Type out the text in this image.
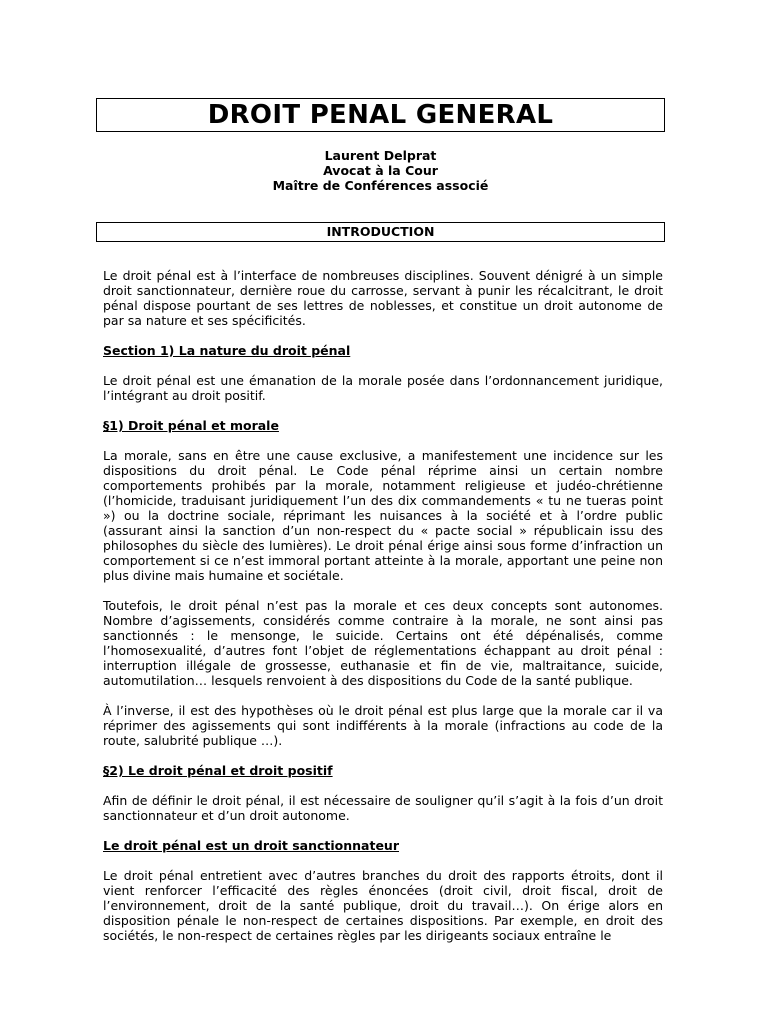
DROIT PENAL GENERAL
Laurent Delprat
Avocat à la Cour
Maître de Conférences associé
INTRODUCTION

Le droit pénal est à l’interface de nombreuses disciplines. Souvent dénigré à un simple droit sanctionnateur, dernière roue du carrosse, servant à punir les récalcitrant, le droit pénal dispose pourtant de ses lettres de noblesses, et constitue un droit autonome de par sa nature et ses spécificités.

Section 1) La nature du droit pénal

Le droit pénal est une émanation de la morale posée dans l’ordonnancement juridique, l’intégrant au droit positif.

§1) Droit pénal et morale

La morale, sans en être une cause exclusive, a manifestement une incidence sur les dispositions du droit pénal. Le Code pénal réprime ainsi un certain nombre comportements prohibés par la morale, notamment religieuse et judéo-chrétienne (l’homicide, traduisant juridiquement l’un des dix commandements « tu ne tueras point ») ou la doctrine sociale, réprimant les nuisances à la société et à l’ordre public (assurant ainsi la sanction d’un non-respect du « pacte social » républicain issu des philosophes du siècle des lumières). Le droit pénal érige ainsi sous forme d’infraction un comportement si ce n’est immoral portant atteinte à la morale, apportant une peine non plus divine mais humaine et sociétale.

Toutefois, le droit pénal n’est pas la morale et ces deux concepts sont autonomes. Nombre d’agissements, considérés comme contraire à la morale, ne sont ainsi pas sanctionnés : le mensonge, le suicide. Certains ont été dépénalisés, comme l’homosexualité, d’autres font l’objet de réglementations échappant au droit pénal : interruption illégale de grossesse, euthanasie et fin de vie, maltraitance, suicide, automutilation… lesquels renvoient à des dispositions du Code de la santé publique.

À l’inverse, il est des hypothèses où le droit pénal est plus large que la morale car il va réprimer des agissements qui sont indifférents à la morale (infractions au code de la route, salubrité publique …).

§2) Le droit pénal et droit positif

Afin de définir le droit pénal, il est nécessaire de souligner qu’il s’agit à la fois d’un droit sanctionnateur et d’un droit autonome.

Le droit pénal est un droit sanctionnateur

Le droit pénal entretient avec d’autres branches du droit des rapports étroits, dont il vient renforcer l’efficacité des règles énoncées (droit civil, droit fiscal, droit de l’environnement, droit de la santé publique, droit du travail…). On érige alors en disposition pénale le non-respect de certaines dispositions. Par exemple, en droit des sociétés, le non-respect de certaines règles par les dirigeants sociaux entraîne le
